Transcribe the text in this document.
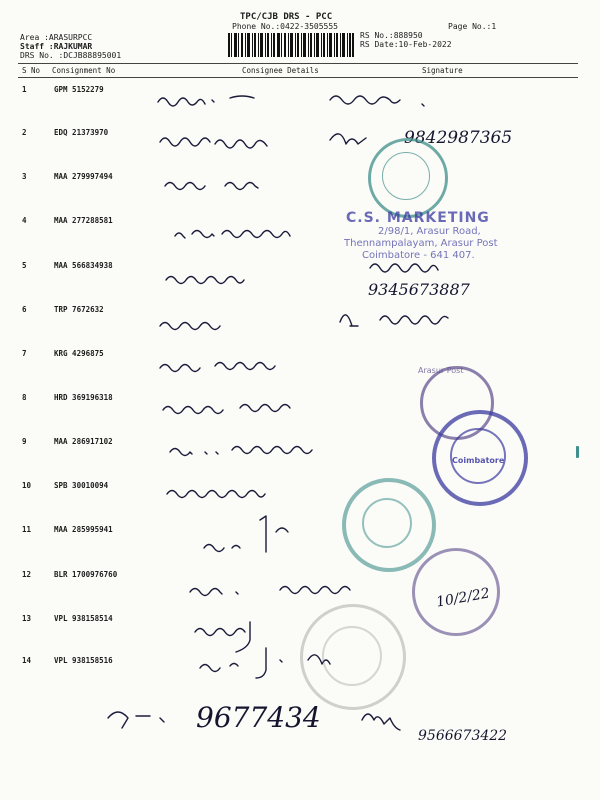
TPC/CJB DRS - PCC
Phone No.:0422-3505555	Page No.:1
Area :ARASURPCC
Staff :RAJKUMAR
DRS No. :DCJB88895001
RS No.:888950
RS Date:10-Feb-2022
S No Consignment No	Consignee Details	Signature
1	GPM 5152279
2	EDQ 21373970
3	MAA 279997494
4	MAA 277288581
5	MAA 566834938
6	TRP 7672632
7	KRG 4296875
8	HRD 369196318
9	MAA 286917102
10	SPB 30010094
11	MAA 285995941
12	BLR 1700976760
13	VPL 938158514
14	VPL 938158516
9842987365
9345673887
9677434
9566673422
10/2/22
C.S. MARKETING
2/98/1, Arasur Road,
Thennampalayam, Arasur Post
Coimbatore - 641 407.
Arasur Post
Coimbatore
